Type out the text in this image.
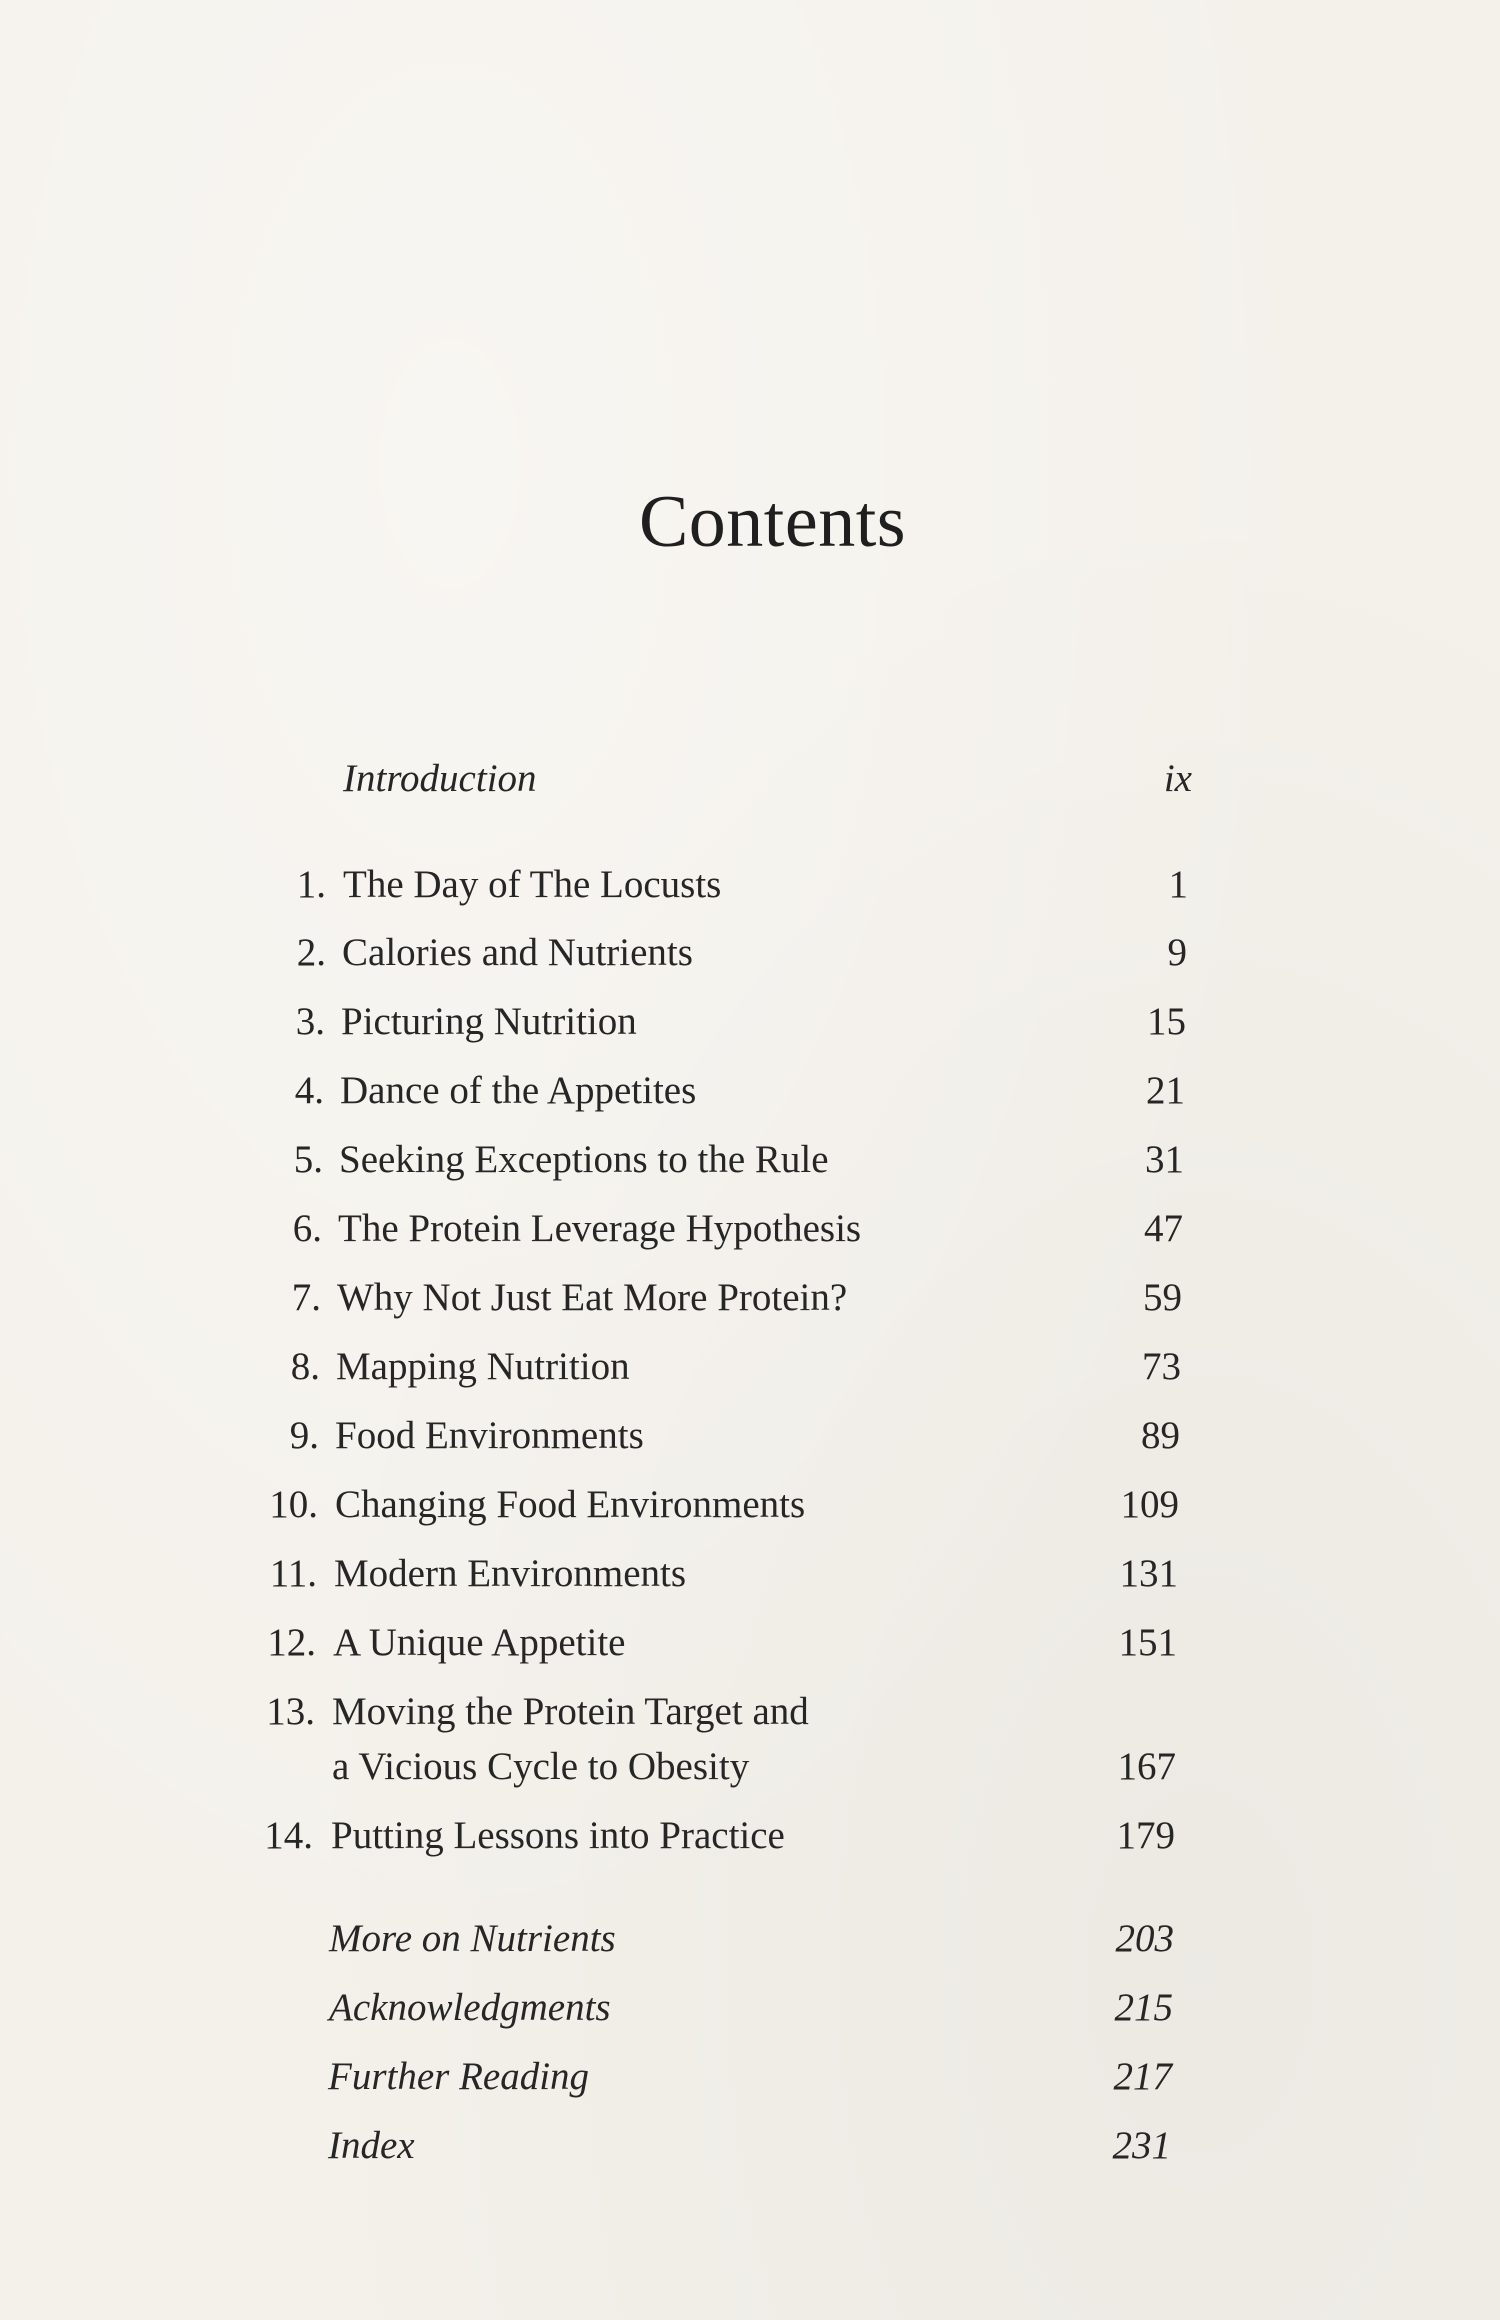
Contents
Introduction	ix
1. The Day of The Locusts	1
2. Calories and Nutrients	9
3. Picturing Nutrition	15
4. Dance of the Appetites	21
5. Seeking Exceptions to the Rule	31
6. The Protein Leverage Hypothesis	47
7. Why Not Just Eat More Protein?	59
8. Mapping Nutrition	73
9. Food Environments	89
10. Changing Food Environments	109
11. Modern Environments	131
12. A Unique Appetite	151
13. Moving the Protein Target and
a Vicious Cycle to Obesity	167
14. Putting Lessons into Practice	179
More on Nutrients	203
Acknowledgments	215
Further Reading	217
Index	231
